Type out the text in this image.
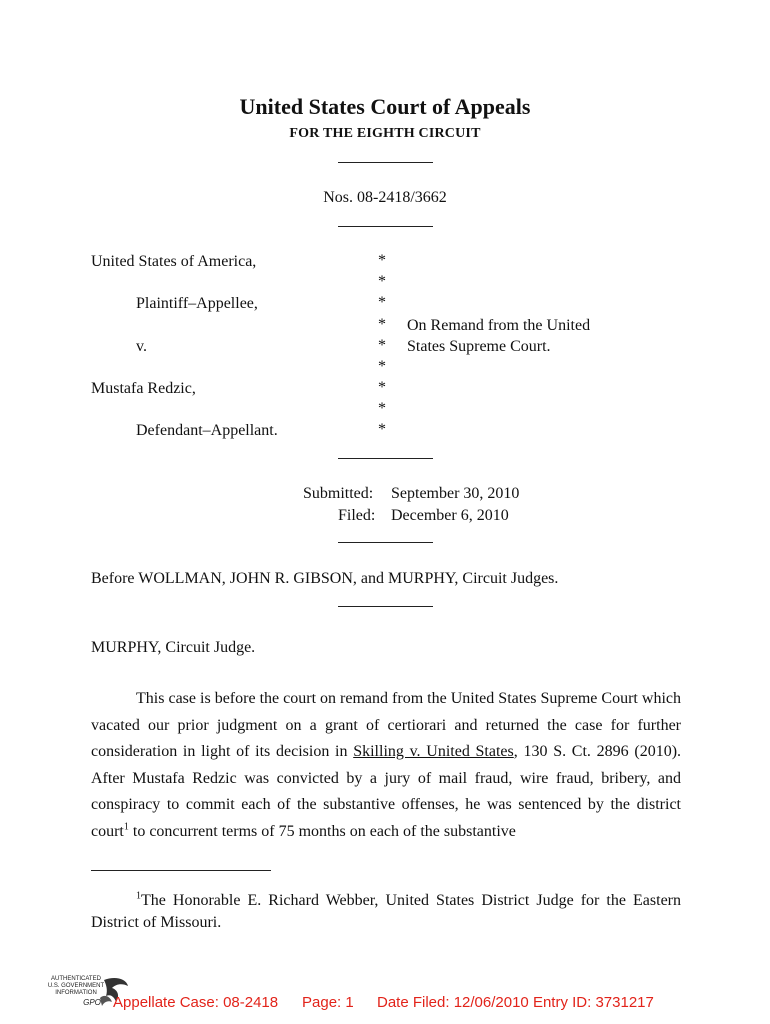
United States Court of Appeals
FOR THE EIGHTH CIRCUIT
Nos. 08-2418/3662
United States of America,
Plaintiff–Appellee,
v.
Mustafa Redzic,
Defendant–Appellant.
*
*
*
*
*
*
*
*
*
On Remand from the United
States Supreme Court.
Submitted: September 30, 2010
Filed: December 6, 2010
Before WOLLMAN, JOHN R. GIBSON, and MURPHY, Circuit Judges.
MURPHY, Circuit Judge.
This case is before the court on remand from the United States Supreme Court which vacated our prior judgment on a grant of certiorari and returned the case for further consideration in light of its decision in Skilling v. United States, 130 S. Ct. 2896 (2010). After Mustafa Redzic was convicted by a jury of mail fraud, wire fraud, bribery, and conspiracy to commit each of the substantive offenses, he was sentenced by the district court$^1$ to concurrent terms of 75 months on each of the substantive
$^1$The Honorable E. Richard Webber, United States District Judge for the Eastern District of Missouri.
AUTHENTICATED
U.S. GOVERNMENT
INFORMATION
GPO Appellate Case: 08-2418 Page: 1 Date Filed: 12/06/2010 Entry ID: 3731217
